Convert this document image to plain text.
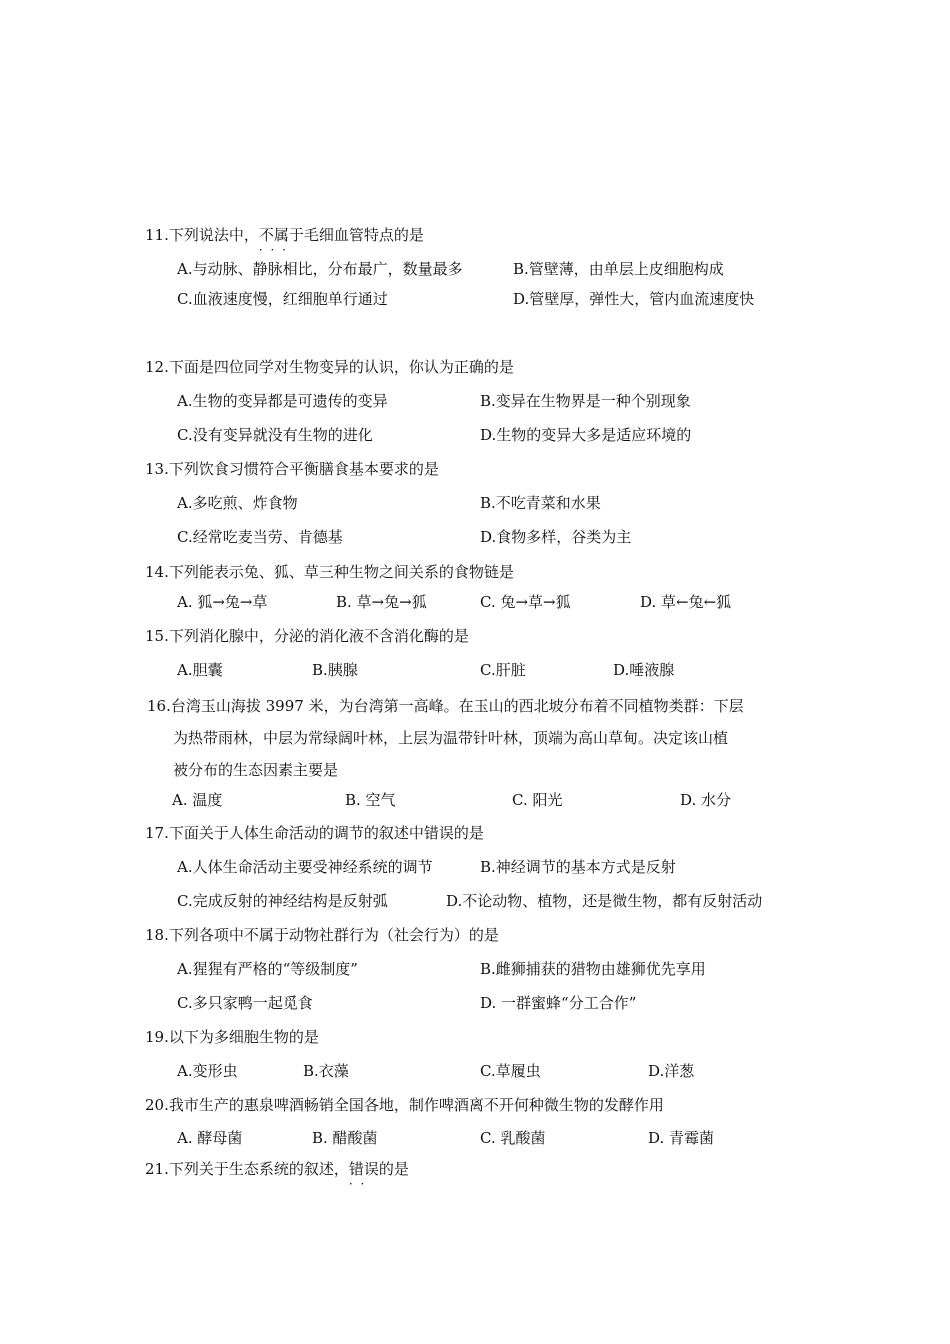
11.下列说法中，不属于 · · ·毛细血管特点的是
A.与动脉、静脉相比，分布最广，数量最多	B.管壁薄，由单层上皮细胞构成
C.血液速度慢，红细胞单行通过	D.管壁厚，弹性大，管内血流速度快
12.下面是四位同学对生物变异的认识，你认为正确的是
A.生物的变异都是可遗传的变异	B.变异在生物界是一种个别现象
C.没有变异就没有生物的进化	D.生物的变异大多是适应环境的
13.下列饮食习惯符合平衡膳食基本要求的是
A.多吃煎、炸食物	B.不吃青菜和水果
C.经常吃麦当劳、肯德基	D.食物多样，谷类为主
14.下列能表示兔、狐、草三种生物之间关系的食物链是
A. 狐→兔→草	B. 草→兔→狐	C. 兔→草→狐	D. 草←兔←狐
15.下列消化腺中，分泌的消化液不含消化酶的是
A.胆囊	B.胰腺	C.肝脏	D.唾液腺
16.台湾玉山海拔 3997 米，为台湾第一高峰。在玉山的西北坡分布着不同植物类群：下层
为热带雨林，中层为常绿阔叶林，上层为温带针叶林，顶端为高山草甸。决定该山植
被分布的生态因素主要是
A. 温度	B. 空气	C. 阳光	D. 水分
17.下面关于人体生命活动的调节的叙述中错误的是
A.人体生命活动主要受神经系统的调节	B.神经调节的基本方式是反射
C.完成反射的神经结构是反射弧	D.不论动物、植物，还是微生物，都有反射活动
18.下列各项中不属于动物社群行为（社会行为）的是
A.猩猩有严格的“等级制度”	B.雌狮捕获的猎物由雄狮优先享用
C.多只家鸭一起觅食	D. 一群蜜蜂“分工合作”
19.以下为多细胞生物的是
A.变形虫	B.衣藻	C.草履虫	D.洋葱
20.我市生产的惠泉啤酒畅销全国各地，制作啤酒离不开何种微生物的发酵作用
A. 酵母菌	B. 醋酸菌	C. 乳酸菌	D. 青霉菌
21.下列关于生态系统的叙述，错误 · ·的是
